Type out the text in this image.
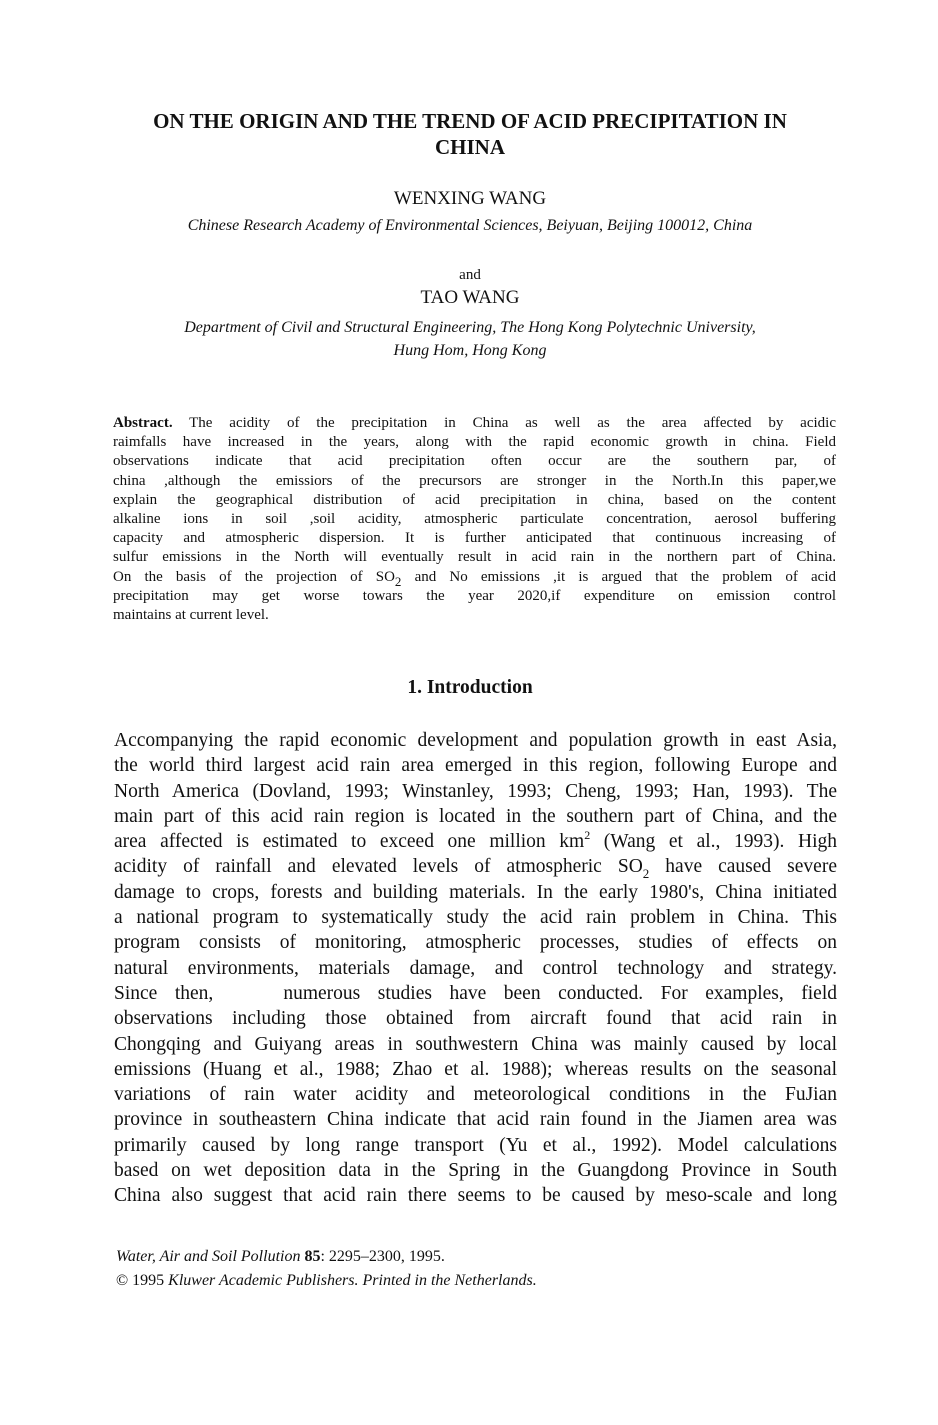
ON THE ORIGIN AND THE TREND OF ACID PRECIPITATION IN
CHINA
WENXING WANG
Chinese Research Academy of Environmental Sciences, Beiyuan, Beijing 100012, China
and
TAO WANG
Department of Civil and Structural Engineering, The Hong Kong Polytechnic University,
Hung Hom, Hong Kong

Abstract. The acidity of the precipitation in China as well as the area affected by acidic
raimfalls have increased in the years, along with the rapid economic growth in china. Field
observations indicate that acid precipitation often occur are the southern par, of
china ,although the emissiors of the precursors are stronger in the North.In this paper,we
explain the geographical distribution of acid precipitation in china, based on the content
alkaline ions in soil ,soil acidity, atmospheric particulate concentration, aerosol buffering
capacity and atmospheric dispersion. It is further anticipated that continuous increasing of
sulfur emissions in the North will eventually result in acid rain in the northern part of China.
On the basis of the projection of $SO_2$ and No emissions ,it is argued that the problem of acid
precipitation may get worse towars the year 2020,if expenditure on emission control
maintains at current level.

1. Introduction

Accompanying the rapid economic development and population growth in east Asia,
the world third largest acid rain area emerged in this region, following Europe and
North America (Dovland, 1993; Winstanley, 1993; Cheng, 1993; Han, 1993). The
main part of this acid rain region is located in the southern part of China, and the
area affected is estimated to exceed one million $km^2$ (Wang et al., 1993). High
acidity of rainfall and elevated levels of atmospheric $SO_2$ have caused severe
damage to crops, forests and building materials. In the early 1980's, China initiated
a national program to systematically study the acid rain problem in China. This
program consists of monitoring, atmospheric processes, studies of effects on
natural environments, materials damage, and control technology and strategy.
Since then,    numerous studies have been conducted. For examples, field
observations including those obtained from aircraft found that acid rain in
Chongqing and Guiyang areas in southwestern China was mainly caused by local
emissions (Huang et al., 1988; Zhao et al. 1988); whereas results on the seasonal
variations of rain water acidity and meteorological conditions in the FuJian
province in southeastern China indicate that acid rain found in the Jiamen area was
primarily caused by long range transport (Yu et al., 1992). Model calculations
based on wet deposition data in the Spring in the Guangdong Province in South
China also suggest that acid rain there seems to be caused by meso-scale and long

Water, Air and Soil Pollution 85: 2295–2300, 1995.
© 1995 Kluwer Academic Publishers. Printed in the Netherlands.
